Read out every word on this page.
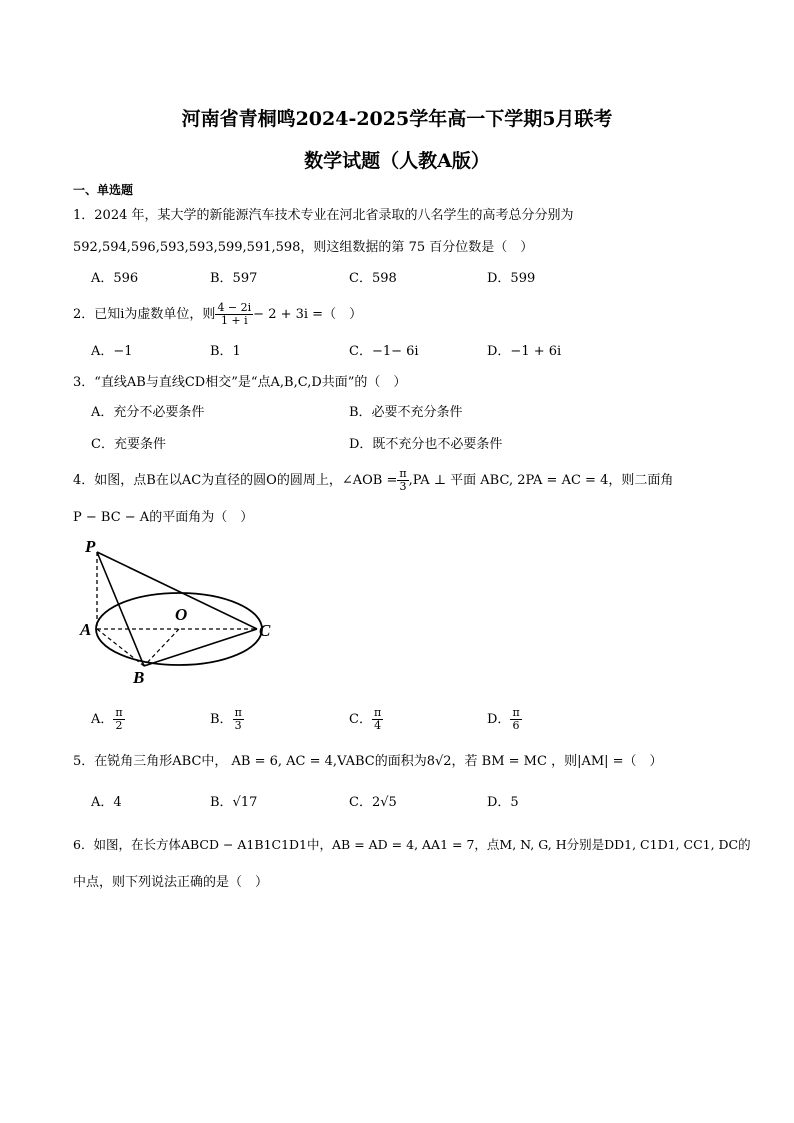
河南省青桐鸣2024-2025学年高一下学期5月联考
数学试题（人教A版）
一、单选题
1．2024 年，某大学的新能源汽车技术专业在河北省录取的八名学生的高考总分分别为
592,594,596,593,593,599,591,598，则这组数据的第 75 百分位数是（　）
A．596	B．597	C．598	D．599
2．已知i为虚数单位，则 $\frac{4 - 2i}{1 + i} - 2 + 3i$ =（　）
A．−1	B．1	C．−1− 6i	D．−1 + 6i
3．“直线AB与直线CD相交”是“点A,B,C,D共面”的（　）
A．充分不必要条件	B．必要不充分条件
C．充要条件	D．既不充分也不必要条件
4．如图，点B在以AC为直径的圆O的圆周上，∠AOB = $\frac{\pi}{3} ,PA$ ⊥ 平面 ABC, 2PA = AC = 4，则二面角
P − BC − A的平面角为（　）
P
O
A	C
B
A． $\frac{\pi}{2}$	B． $\frac{\pi}{3}$	C． $\frac{\pi}{4}$	D． $\frac{\pi}{6}$
5．在锐角三角形ABC中， AB = 6, AC = 4,VABC的面积为8√2，若 BM = MC ，则|AM| =（　）
A．4	B．√17	C．2√5	D．5
6．如图，在长方体ABCD − A1B1C1D1中，AB = AD = 4, AA1 = 7，点M, N, G, H分别是DD1, C1D1, CC1, DC的
中点，则下列说法正确的是（　）
